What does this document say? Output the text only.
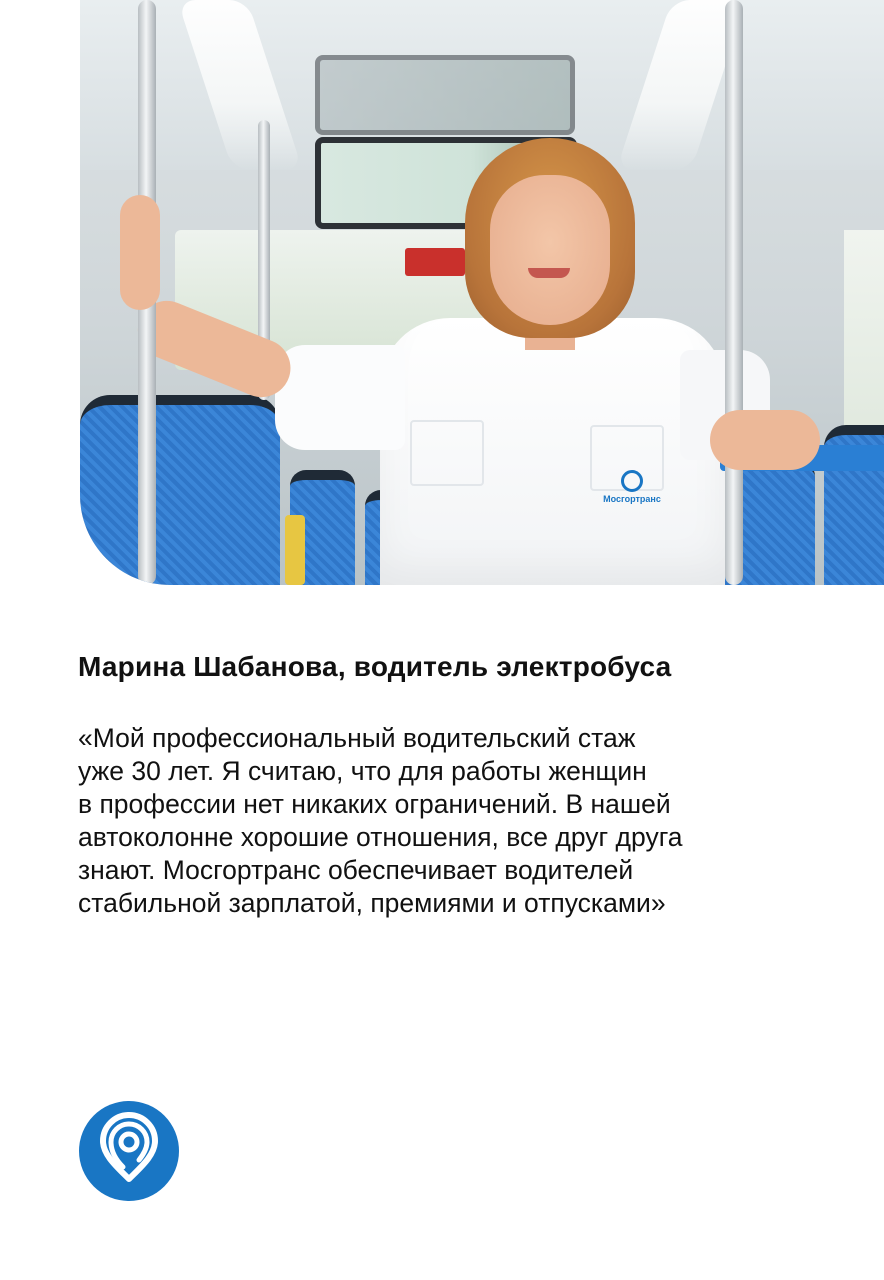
Мосгортранс
Марина Шабанова, водитель электробуса

«Мой профессиональный водительский стаж
уже 30 лет. Я считаю, что для работы женщин
в профессии нет никаких ограничений. В нашей
автоколонне хорошие отношения, все друг друга
знают. Мосгортранс обеспечивает водителей
стабильной зарплатой, премиями и отпусками»
